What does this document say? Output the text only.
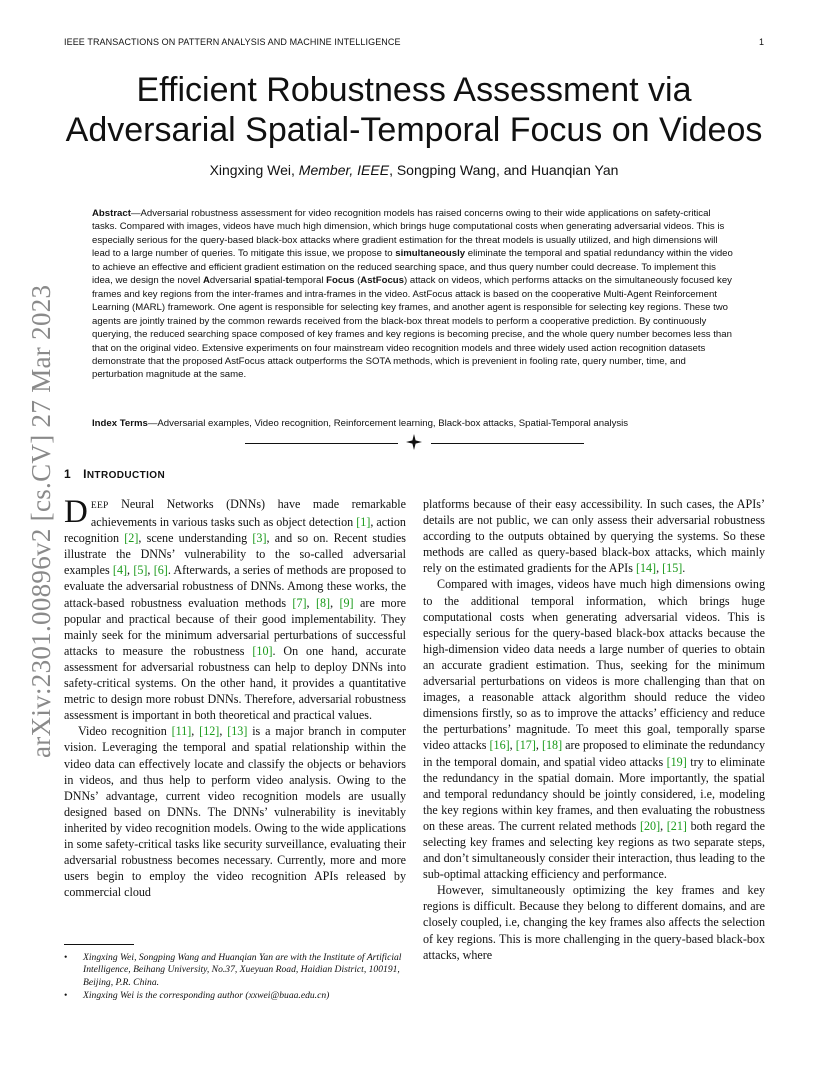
IEEE TRANSACTIONS ON PATTERN ANALYSIS AND MACHINE INTELLIGENCE	1
arXiv:2301.00896v2 [cs.CV] 27 Mar 2023
Efficient Robustness Assessment via
Adversarial Spatial-Temporal Focus on Videos
Xingxing Wei, Member, IEEE, Songping Wang, and Huanqian Yan
Abstract—Adversarial robustness assessment for video recognition models has raised concerns owing to their wide applications on safety-critical tasks. Compared with images, videos have much high dimension, which brings huge computational costs when generating adversarial videos. This is especially serious for the query-based black-box attacks where gradient estimation for the threat models is usually utilized, and high dimensions will lead to a large number of queries. To mitigate this issue, we propose to simultaneously eliminate the temporal and spatial redundancy within the video to achieve an effective and efficient gradient estimation on the reduced searching space, and thus query number could decrease. To implement this idea, we design the novel Adversarial spatial-temporal Focus (AstFocus) attack on videos, which performs attacks on the simultaneously focused key frames and key regions from the inter-frames and intra-frames in the video. AstFocus attack is based on the cooperative Multi-Agent Reinforcement Learning (MARL) framework. One agent is responsible for selecting key frames, and another agent is responsible for selecting key regions. These two agents are jointly trained by the common rewards received from the black-box threat models to perform a cooperative prediction. By continuously querying, the reduced searching space composed of key frames and key regions is becoming precise, and the whole query number becomes less than that on the original video. Extensive experiments on four mainstream video recognition models and three widely used action recognition datasets demonstrate that the proposed AstFocus attack outperforms the SOTA methods, which is prevenient in fooling rate, query number, time, and perturbation magnitude at the same.
Index Terms—Adversarial examples, Video recognition, Reinforcement learning, Black-box attacks, Spatial-Temporal analysis
1 INTRODUCTION

DEEP Neural Networks (DNNs) have made remarkable achievements in various tasks such as object detection [1], action recognition [2], scene understanding [3], and so on. Recent studies illustrate the DNNs’ vulnerability to the so-called adversarial examples [4], [5], [6]. Afterwards, a series of methods are proposed to evaluate the adversarial robustness of DNNs. Among these works, the attack-based robustness evaluation methods [7], [8], [9] are more popular and practical because of their good implementability. They mainly seek for the minimum adversarial perturbations of successful attacks to measure the robustness [10]. On one hand, accurate assessment for adversarial robustness can help to deploy DNNs into safety-critical systems. On the other hand, it provides a quantitative metric to design more robust DNNs. Therefore, adversarial robustness assessment is important in both theoretical and practical values.

Video recognition [11], [12], [13] is a major branch in computer vision. Leveraging the temporal and spatial relationship within the video data can effectively locate and classify the objects or behaviors in videos, and thus help to perform video analysis. Owing to the DNNs’ advantage, current video recognition models are usually designed based on DNNs. The DNNs’ vulnerability is inevitably inherited by video recognition models. Owing to the wide applications in some safety-critical tasks like security surveillance, evaluating their adversarial robustness becomes necessary. Currently, more and more users begin to employ the video recognition APIs released by commercial cloud

platforms because of their easy accessibility. In such cases, the APIs’ details are not public, we can only assess their adversarial robustness according to the outputs obtained by querying the systems. So these methods are called as query-based black-box attacks, which mainly rely on the estimated gradients for the APIs [14], [15].

Compared with images, videos have much high dimensions owing to the additional temporal information, which brings huge computational costs when generating adversarial videos. This is especially serious for the query-based black-box attacks because the high-dimension video data needs a large number of queries to obtain an accurate gradient estimation. Thus, seeking for the minimum adversarial perturbations on videos is more challenging than that on images, a reasonable attack algorithm should reduce the video dimensions firstly, so as to improve the attacks’ efficiency and reduce the perturbations’ magnitude. To meet this goal, temporally sparse video attacks [16], [17], [18] are proposed to eliminate the redundancy in the temporal domain, and spatial video attacks [19] try to eliminate the redundancy in the spatial domain. More importantly, the spatial and temporal redundancy should be jointly considered, i.e, modeling the key regions within key frames, and then evaluating the robustness on these areas. The current related methods [20], [21] both regard the selecting key frames and selecting key regions as two separate steps, and don’t simultaneously consider their interaction, thus leading to the sub-optimal attacking efficiency and performance.

However, simultaneously optimizing the key frames and key regions is difficult. Because they belong to different domains, and are closely coupled, i.e, changing the key frames also affects the selection of key regions. This is more challenging in the query-based black-box attacks, where

• Xingxing Wei, Songping Wang and Huanqian Yan are with the Institute of Artificial Intelligence, Beihang University, No.37, Xueyuan Road, Haidian District, 100191, Beijing, P.R. China.
• Xingxing Wei is the corresponding author (xxwei@buaa.edu.cn)
